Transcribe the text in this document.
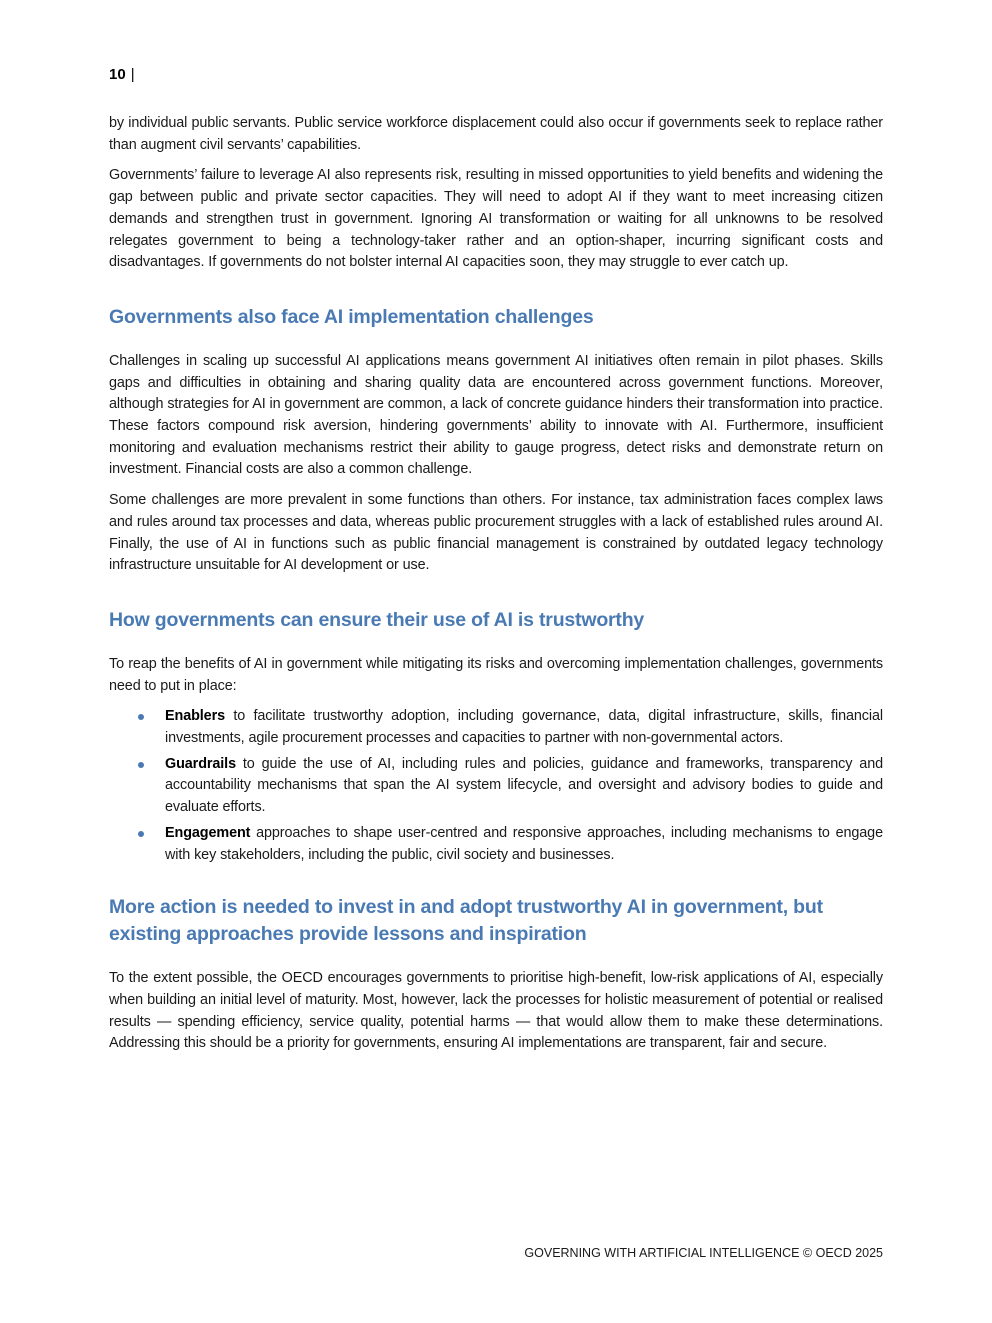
10 |

by individual public servants. Public service workforce displacement could also occur if governments seek to replace rather than augment civil servants’ capabilities.

Governments’ failure to leverage AI also represents risk, resulting in missed opportunities to yield benefits and widening the gap between public and private sector capacities. They will need to adopt AI if they want to meet increasing citizen demands and strengthen trust in government. Ignoring AI transformation or waiting for all unknowns to be resolved relegates government to being a technology-taker rather and an option-shaper, incurring significant costs and disadvantages. If governments do not bolster internal AI capacities soon, they may struggle to ever catch up.

Governments also face AI implementation challenges

Challenges in scaling up successful AI applications means government AI initiatives often remain in pilot phases. Skills gaps and difficulties in obtaining and sharing quality data are encountered across government functions. Moreover, although strategies for AI in government are common, a lack of concrete guidance hinders their transformation into practice. These factors compound risk aversion, hindering governments’ ability to innovate with AI. Furthermore, insufficient monitoring and evaluation mechanisms restrict their ability to gauge progress, detect risks and demonstrate return on investment. Financial costs are also a common challenge.

Some challenges are more prevalent in some functions than others. For instance, tax administration faces complex laws and rules around tax processes and data, whereas public procurement struggles with a lack of established rules around AI. Finally, the use of AI in functions such as public financial management is constrained by outdated legacy technology infrastructure unsuitable for AI development or use.

How governments can ensure their use of AI is trustworthy

To reap the benefits of AI in government while mitigating its risks and overcoming implementation challenges, governments need to put in place:

Enablers to facilitate trustworthy adoption, including governance, data, digital infrastructure, skills, financial investments, agile procurement processes and capacities to partner with non-governmental actors.
Guardrails to guide the use of AI, including rules and policies, guidance and frameworks, transparency and accountability mechanisms that span the AI system lifecycle, and oversight and advisory bodies to guide and evaluate efforts.
Engagement approaches to shape user-centred and responsive approaches, including mechanisms to engage with key stakeholders, including the public, civil society and businesses.
More action is needed to invest in and adopt trustworthy AI in government, but existing approaches provide lessons and inspiration

To the extent possible, the OECD encourages governments to prioritise high-benefit, low-risk applications of AI, especially when building an initial level of maturity. Most, however, lack the processes for holistic measurement of potential or realised results — spending efficiency, service quality, potential harms — that would allow them to make these determinations. Addressing this should be a priority for governments, ensuring AI implementations are transparent, fair and secure.

GOVERNING WITH ARTIFICIAL INTELLIGENCE © OECD 2025
